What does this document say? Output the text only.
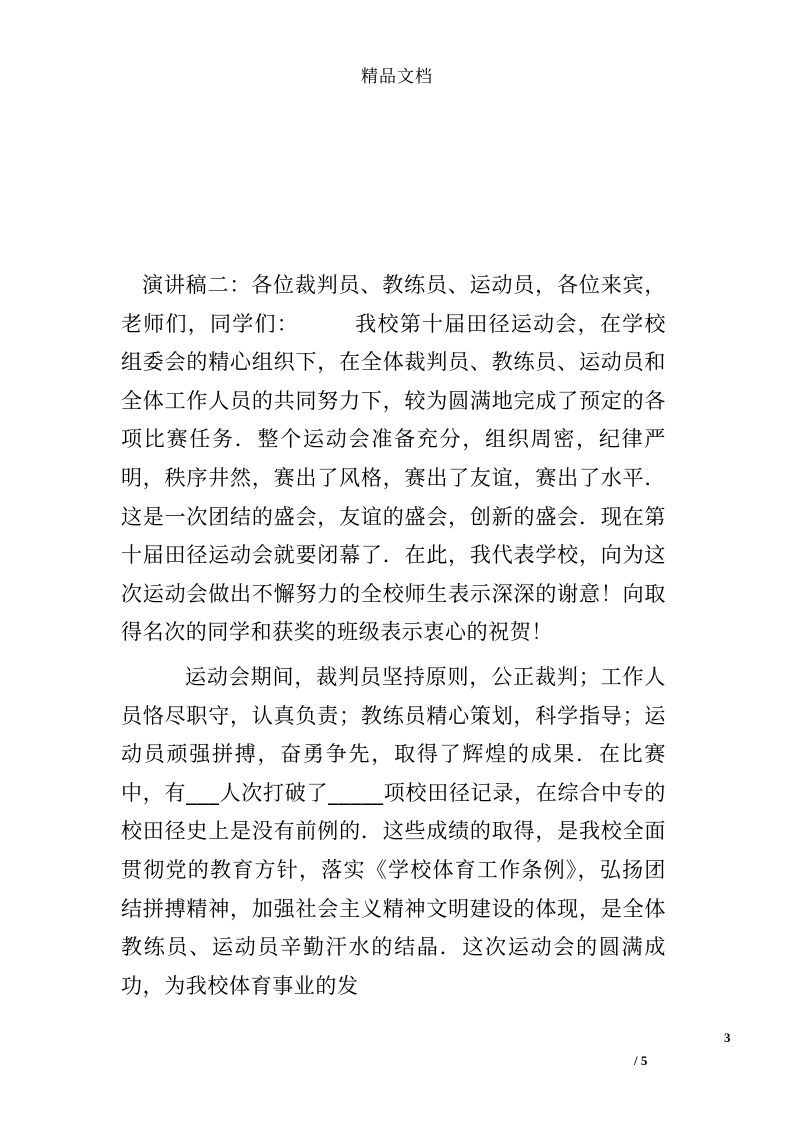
精品文档

演讲稿二：各位裁判员、教练员、运动员，各位来宾，老师们，同学们：　　　我校第十届田径运动会，在学校组委会的精心组织下，在全体裁判员、教练员、运动员和全体工作人员的共同努力下，较为圆满地完成了预定的各项比赛任务．整个运动会准备充分，组织周密，纪律严明，秩序井然，赛出了风格，赛出了友谊，赛出了水平．这是一次团结的盛会，友谊的盛会，创新的盛会．现在第十届田径运动会就要闭幕了．在此，我代表学校，向为这次运动会做出不懈努力的全校师生表示深深的谢意！向取得名次的同学和获奖的班级表示衷心的祝贺！

运动会期间，裁判员坚持原则，公正裁判；工作人员恪尽职守，认真负责；教练员精心策划，科学指导；运动员顽强拼搏，奋勇争先，取得了辉煌的成果．在比赛中，有___人次打破了_____项校田径记录，在综合中专的校田径史上是没有前例的．这些成绩的取得，是我校全面贯彻党的教育方针，落实《学校体育工作条例》，弘扬团结拼搏精神，加强社会主义精神文明建设的体现，是全体教练员、运动员辛勤汗水的结晶．这次运动会的圆满成功，为我校体育事业的发

3
/ 5
